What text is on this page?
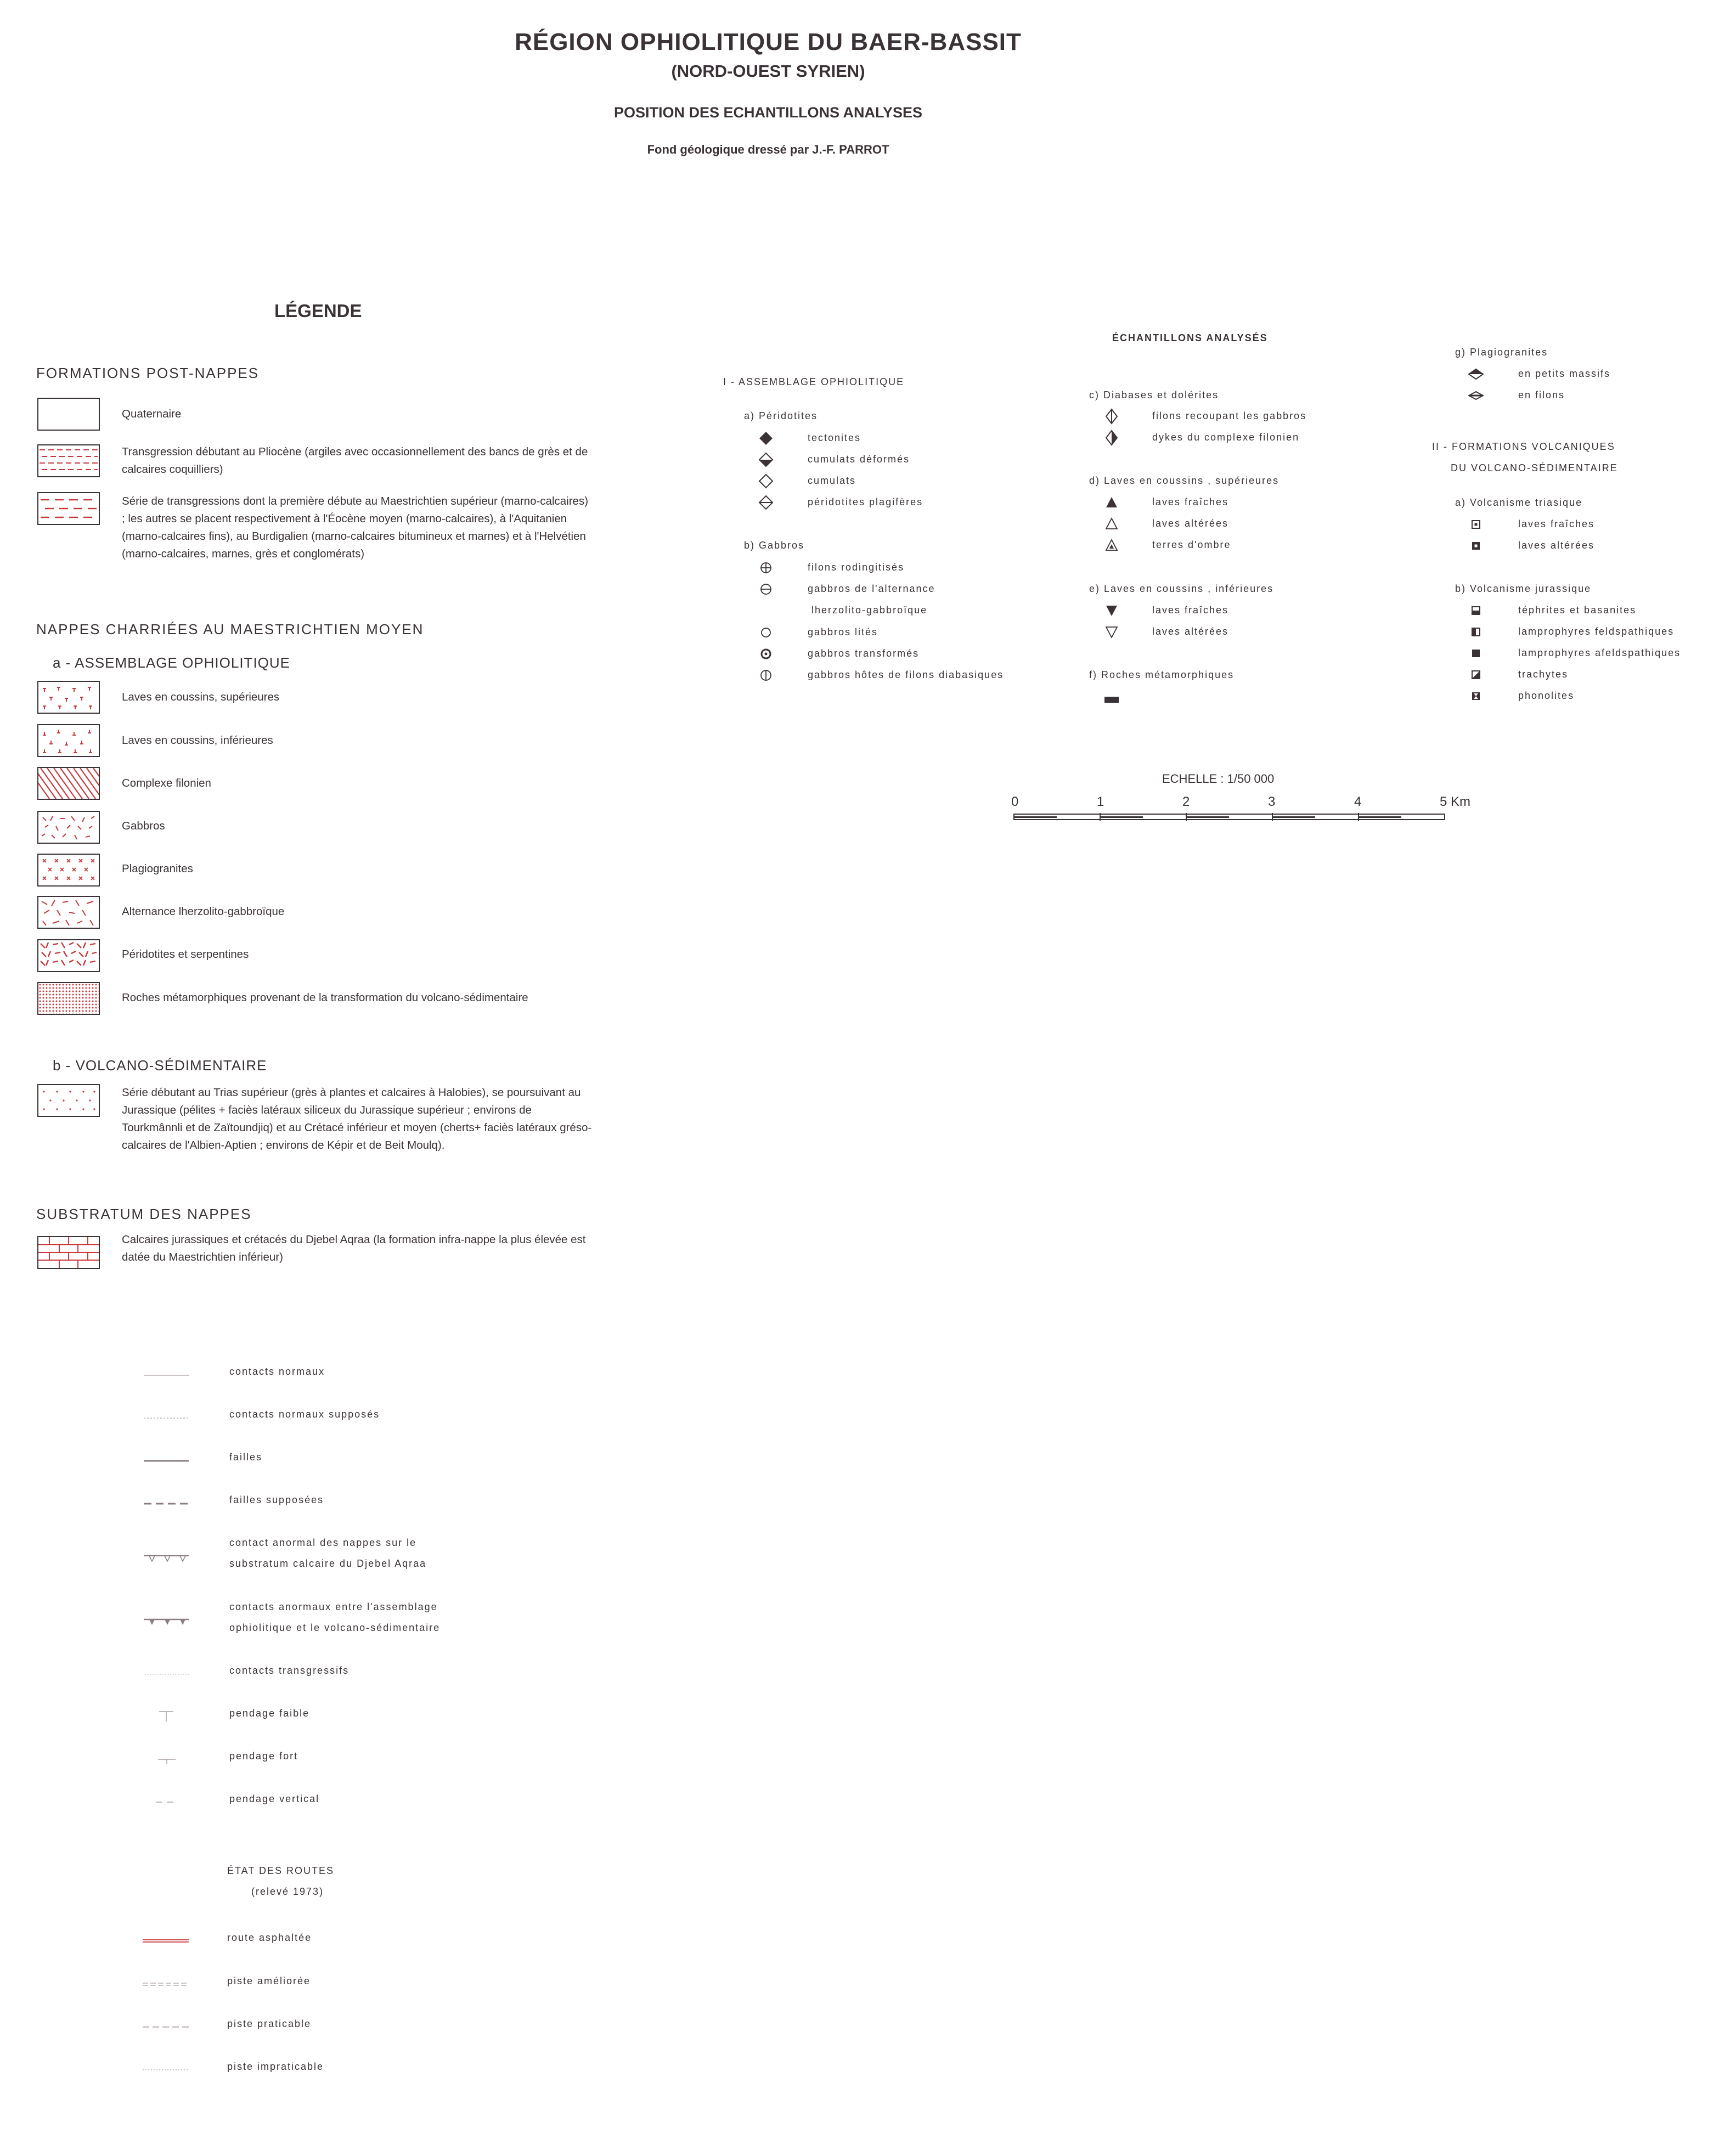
RÉGION OPHIOLITIQUE DU BAER-BASSIT
(NORD-OUEST SYRIEN)
POSITION DES ECHANTILLONS ANALYSES
Fond géologique dressé par J.-F. PARROT
LÉGENDE
FORMATIONS POST-NAPPES
Quaternaire
Transgression débutant au Pliocène (argiles avec occasionnellement des bancs de grès et de calcaires coquilliers)
Série de transgressions dont la première débute au Maestrichtien supérieur (marno-calcaires) ; les autres se placent respectivement à l'Éocène moyen (marno-calcaires), à l'Aquitanien (marno-calcaires fins), au Burdigalien (marno-calcaires bitumineux et marnes) et à l'Helvétien (marno-calcaires, marnes, grès et conglomérats)
NAPPES CHARRIÉES AU MAESTRICHTIEN MOYEN
a - ASSEMBLAGE OPHIOLITIQUE
Laves en coussins, supérieures
Laves en coussins, inférieures
Complexe filonien
Gabbros
Plagiogranites
Alternance lherzolito-gabbroïque
Péridotites et serpentines
Roches métamorphiques provenant de la transformation du volcano-sédimentaire
b - VOLCANO-SÉDIMENTAIRE
Série débutant au Trias supérieur (grès à plantes et calcaires à Halobies), se poursuivant au Jurassique (pélites + faciès latéraux siliceux du Jurassique supérieur ; environs de Tourkmânnli et de Zaïtoundjiq) et au Crétacé inférieur et moyen (cherts+ faciès latéraux gréso-calcaires de l'Albien-Aptien ; environs de Képir et de Beit Moulq).
SUBSTRATUM DES NAPPES
Calcaires jurassiques et crétacés du Djebel Aqraa (la formation infra-nappe la plus élevée est datée du Maestrichtien inférieur)
contacts normaux
contacts normaux supposés
failles
failles supposées
contact anormal des nappes sur le
substratum calcaire du Djebel Aqraa
contacts anormaux entre l'assemblage
ophiolitique et le volcano-sédimentaire
contacts transgressifs
pendage faible
pendage fort
pendage vertical
ÉTAT DES ROUTES
(relevé 1973)
route asphaltée
piste améliorée
piste praticable
piste impraticable
ÉCHANTILLONS ANALYSÉS
I - ASSEMBLAGE OPHIOLITIQUE
a) Péridotites
tectonites
cumulats déformés
cumulats
péridotites plagifères
b) Gabbros
filons rodingitisés
gabbros de l'alternance
lherzolito-gabbroïque
gabbros lités
gabbros transformés
gabbros hôtes de filons diabasiques
c) Diabases et dolérites
filons recoupant les gabbros
dykes du complexe filonien
d) Laves en coussins , supérieures
laves fraîches
laves altérées
terres d'ombre
e) Laves en coussins , inférieures
laves fraîches
laves altérées
f) Roches métamorphiques
g) Plagiogranites
en petits massifs
en filons
II - FORMATIONS VOLCANIQUES
DU VOLCANO-SÉDIMENTAIRE
a) Volcanisme triasique
laves fraîches
laves altérées
b) Volcanisme jurassique
téphrites et basanites
lamprophyres feldspathiques
lamprophyres afeldspathiques
trachytes
phonolites
ECHELLE : 1/50 000
0	1	2	3	4	5 Km
